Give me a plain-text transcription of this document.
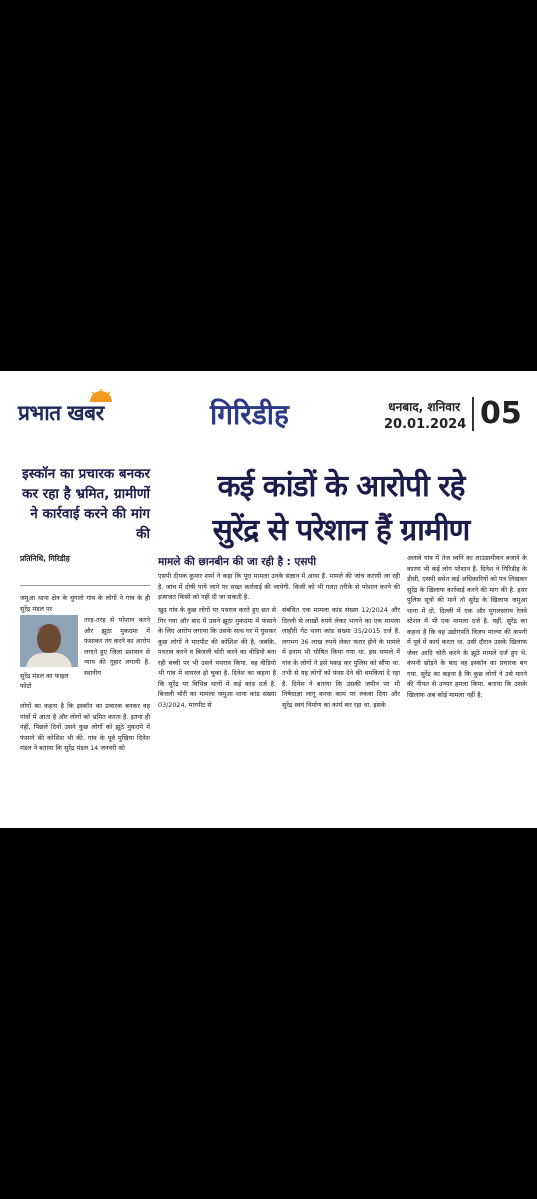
प्रभात खबर	गिरिडीह	धनबाद, शनिवार
20.01.2024 05
इस्कॉन का प्रचारक बनकर कर रहा है भ्रमित, ग्रामीणों ने कार्रवाई करने की मांग की
प्रतिनिधि, गिरिडीह
कई कांडों के आरोपी रहे
सुरेंद्र से परेशान हैं ग्रामीण
मामले की छानबीन की जा रही है : एसपी
जमुआ थाना क्षेत्र के चुंगलो गांव के लोगों ने गांव के ही सुरेंद्र मंडल पर
सुरेंद्र मंडल का फाइल फोटो
तरह-तरह से परेशान करने और झूठा मुकदमा में फंसाकर तंग करने का आरोप लगाते हुए जिला प्रशासन से न्याय की गुहार लगायी है. स्थानीय
लोगों का कहना है कि इस्कॉन का प्रचारक बनकर वह गांवों में आता है और लोगों को भ्रमित करता है. इतना ही नहीं, पिछले दिनों उसने कुछ लोगों को झूठे मुकदमे में फंसाने की कोशिश भी की. गांव के पूर्व मुखिया दिनेश मंडल ने बताया कि सुरेंद्र मंडल 14 जनवरी को
एसपी दीपक कुमार शर्मा ने कहा कि पूरा मामला उनके संज्ञान में आया है. मामले की जांच करायी जा रही है. जांच में दोषी पाये जाने पर सख्त कार्रवाई की जायेगी. किसी को भी गलत तरीके से परेशान करने की इजाजत किसी को नहीं दी जा सकती है.
खुद गांव के कुछ लोगों पर पथराव करते हुए छत से गिर गया और बाद में उसने झूठा मुकदमा में फंसाने के लिए आरोप लगाया कि उसके साथ घर में घुसकर कुछ लोगों ने मारपीट की कोशिश की है, जबकि, पथराव करने व बिजली चोरी करने का वीडियो बना रही बच्ची पर भी उसने पथराव किया. वह वीडियो भी गांव में वायरल हो चुका है. दिनेश का कहना है कि सुरेंद्र पर विभिन्न थानों में कई कांड दर्ज है. बिजली चोरी का मामला जमुआ थाना कांड संख्या 03/2024, मारपीट से
संबंधित एक मामला कांड संख्या 12/2024 और दिल्ली से लाखों रुपये लेकर भागने का एक मामला लाहौरी गेट थाना कांड संख्या 35/2015 दर्ज है. लगभग 36 लाख रुपये लेकर फरार होने के मामले में इनाम भी घोषित किया गया था. इस मामले में गांव के लोगों ने इसे पकड़ कर पुलिस को सौंपा था. तभी से यह लोगों को फंसा देने की धमकियां दे रहा है. दिनेश ने बताया कि उसकी जमीन पर भी निषेधाज्ञा लागू करवा काम पर रुकवा दिया और सुरेंद्र स्वयं निर्माण का कार्य कर रहा था. इसके
अलावे गांव में तेज ध्वनि का लाउडस्पीकर बजाने के कारण भी कई लोग परेशान हैं. दिनेश ने गिरिडीह के डीसी, एसपी समेत कई अधिकारियों को पत्र लिखकर सुरेंद्र के खिलाफ कार्रवाई करने की मांग की है. इधर पुलिस सूत्रों की मानें तो सुरेंद्र के खिलाफ जमुआ थाना में दो, दिल्ली में एक और मुगलसराय रेलवे स्टेशन में भी एक मामला दर्ज है. वहीं, सुरेंद्र का कहना है कि वह उद्योगपति विजय माल्या की कंपनी में पूर्व में कार्य करता था. उसी दौरान उसके खिलाफ जेवर आदि चोरी करने के झूठे मामले दर्ज हुए थे. कंपनी छोड़ने के बाद वह इस्कॉन का प्रचारक बन गया. सुरेंद्र का कहना है कि कुछ लोगों ने उसे मारने की नीयत से उनपर हमला किया. बताया कि उसके खिलाफ अब कोई मामला नहीं है.
